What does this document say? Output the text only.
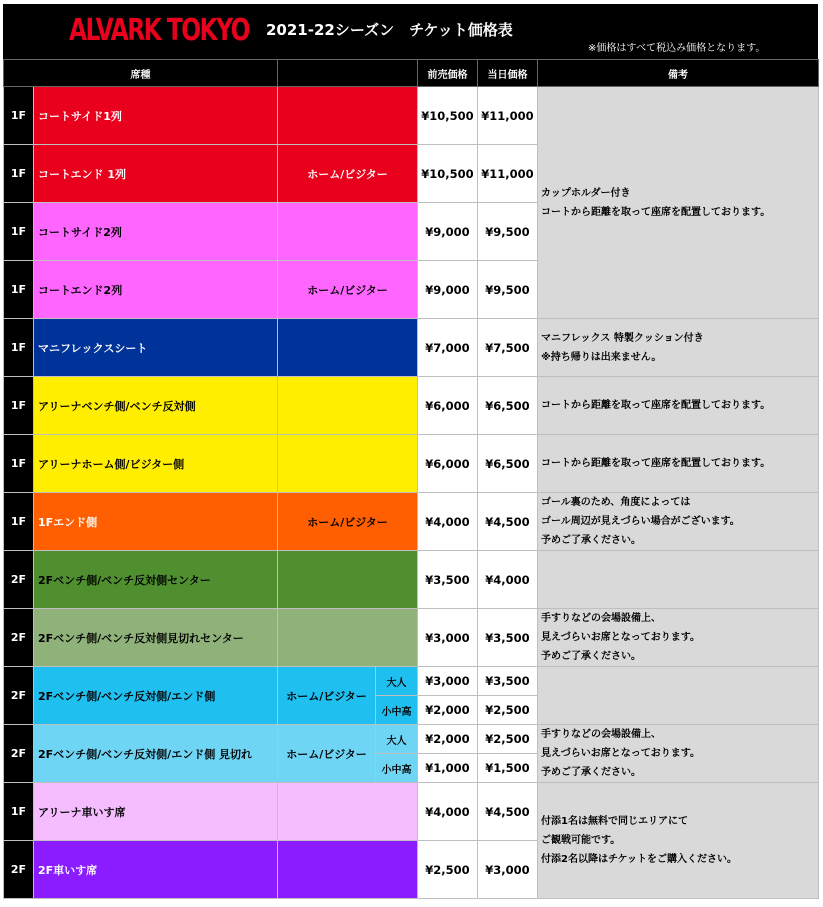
ALVARK TOKYO 2021-22シーズン　チケット価格表
※価格はすべて税込み価格となります。
席種				前売価格	当日価格	備考
1F	コートサイド1列			¥10,500	¥11,000	カップホルダー付き
コートから距離を取って座席を配置しております。

1F	コートエンド 1列	ホーム/ビジター		¥10,500	¥11,000	
1F	コートサイド2列			¥9,000	¥9,500	
1F	コートエンド2列	ホーム/ビジター		¥9,000	¥9,500	
1F	マニフレックスシート			¥7,000	¥7,500	マニフレックス 特製クッション付き
※持ち帰りは出来ません。

1F	アリーナベンチ側/ベンチ反対側			¥6,000	¥6,500	コートから距離を取って座席を配置しております。
1F	アリーナホーム側/ビジター側			¥6,000	¥6,500	コートから距離を取って座席を配置しております。
1F	1Fエンド側	ホーム/ビジター		¥4,000	¥4,500	ゴール裏のため、角度によっては
ゴール周辺が見えづらい場合がございます。
予めご了承ください。

2F	2Fベンチ側/ベンチ反対側センター			¥3,500	¥4,000	
2F	2Fベンチ側/ベンチ反対側見切れセンター			¥3,000	¥3,500	手すりなどの会場設備上、
見えづらいお席となっております。
予めご了承ください。

2F	2Fベンチ側/ベンチ反対側/エンド側	ホーム/ビジター	大人	¥3,000	¥3,500	
			小中高	¥2,000	¥2,500	
2F	2Fベンチ側/ベンチ反対側/エンド側 見切れ	ホーム/ビジター	大人	¥2,000	¥2,500	手すりなどの会場設備上、
見えづらいお席となっております。
予めご了承ください。

			小中高	¥1,000	¥1,500	
1F	アリーナ車いす席			¥4,000	¥4,500	付添1名は無料で同じエリアにて
ご観戦可能です。
付添2名以降はチケットをご購入ください。

2F	2F車いす席			¥2,500	¥3,000	
